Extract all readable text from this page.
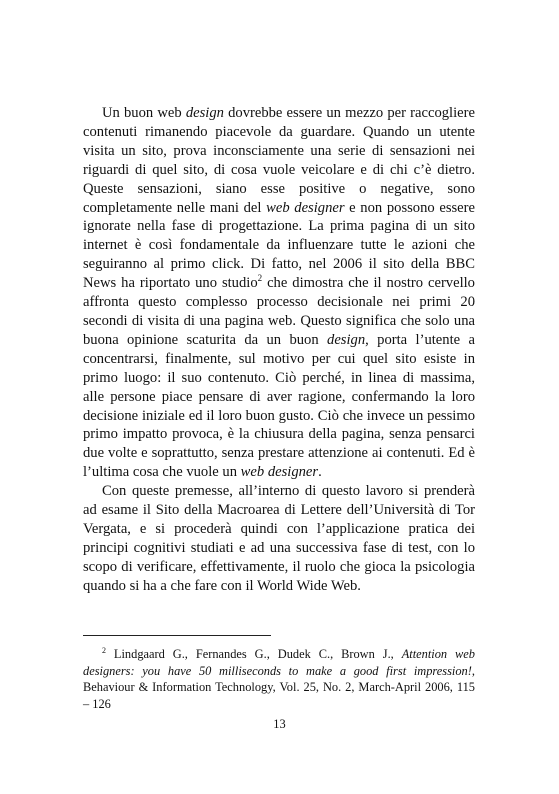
Un buon web design dovrebbe essere un mezzo per raccogliere contenuti rimanendo piacevole da guardare. Quando un utente visita un sito, prova inconsciamente una serie di sensazioni nei riguardi di quel sito, di cosa vuole veicolare e di chi c’è dietro. Queste sensazioni, siano esse positive o negative, sono completamente nelle mani del web designer e non possono essere ignorate nella fase di progettazione. La prima pagina di un sito internet è così fondamentale da influenzare tutte le azioni che seguiranno al primo click. Di fatto, nel 2006 il sito della BBC News ha riportato uno studio$^2$ che dimostra che il nostro cervello affronta questo complesso processo decisionale nei primi 20 secondi di visita di una pagina web. Questo significa che solo una buona opinione scaturita da un buon design, porta l’utente a concentrarsi, finalmente, sul motivo per cui quel sito esiste in primo luogo: il suo contenuto. Ciò perché, in linea di massima, alle persone piace pensare di aver ragione, confermando la loro decisione iniziale ed il loro buon gusto. Ciò che invece un pessimo primo impatto provoca, è la chiusura della pagina, senza pensarci due volte e soprattutto, senza prestare attenzione ai contenuti. Ed è l’ultima cosa che vuole un web designer.

Con queste premesse, all’interno di questo lavoro si prenderà ad esame il Sito della Macroarea di Lettere dell’Università di Tor Vergata, e si procederà quindi con l’applicazione pratica dei principi cognitivi studiati e ad una successiva fase di test, con lo scopo di verificare, effettivamente, il ruolo che gioca la psicologia quando si ha a che fare con il World Wide Web.

$^2$ Lindgaard G., Fernandes G., Dudek C., Brown J., Attention web designers: you have 50 milliseconds to make a good first impression!, Behaviour & Information Technology, Vol. 25, No. 2, March-April 2006, 115 – 126

13
